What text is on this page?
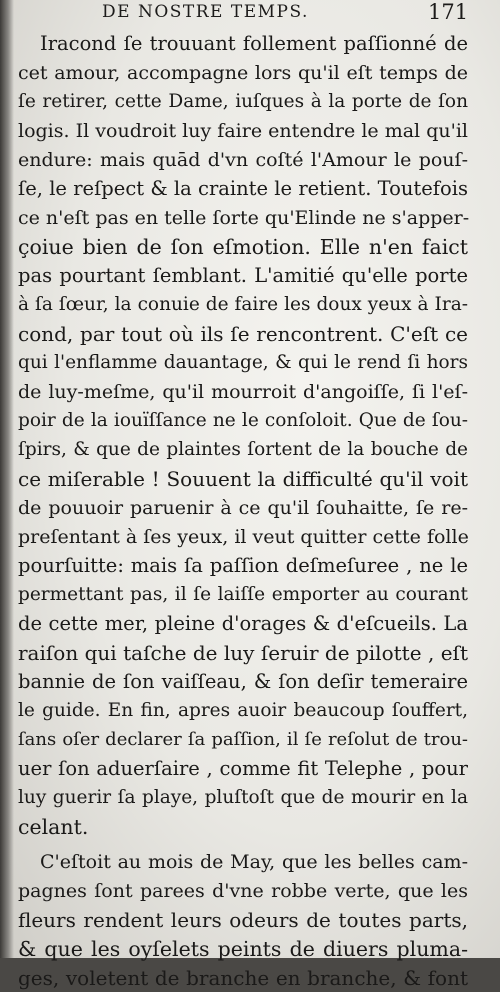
DE NOSTRE TEMPS.	171
Iracond ſe trouuant follement paſſionné de
cet amour, accompagne lors qu'il eſt temps de
ſe retirer, cette Dame, iuſques à la porte de ſon
logis. Il voudroit luy faire entendre le mal qu'il
endure: mais quād d'vn coſté l'Amour le pouſ-
ſe, le reſpect & la crainte le retient. Toutefois
ce n'eſt pas en telle ſorte qu'Elinde ne s'apper-
çoiue bien de ſon eſmotion. Elle n'en faict
pas pourtant ſemblant. L'amitié qu'elle porte
à ſa ſœur, la conuie de faire les doux yeux à Ira-
cond, par tout où ils ſe rencontrent. C'eſt ce
qui l'enflamme dauantage, & qui le rend ſi hors
de luy-meſme, qu'il mourroit d'angoiſſe, ſi l'eſ-
poir de la iouïſſance ne le conſoloit. Que de ſou-
ſpirs, & que de plaintes ſortent de la bouche de
ce miſerable ! Souuent la difficulté qu'il voit
de pouuoir paruenir à ce qu'il ſouhaitte, ſe re-
preſentant à ſes yeux, il veut quitter cette folle
pourſuitte: mais ſa paſſion deſmeſuree , ne le
permettant pas, il ſe laiſſe emporter au courant
de cette mer, pleine d'orages & d'eſcueils. La
raiſon qui taſche de luy ſeruir de pilotte , eſt
bannie de ſon vaiſſeau, & ſon deſir temeraire
le guide. En fin, apres auoir beaucoup ſouffert,
ſans oſer declarer ſa paſſion, il ſe reſolut de trou-
uer ſon aduerſaire , comme fit Telephe , pour
luy guerir ſa playe, pluſtoſt que de mourir en la
celant.
C'eſtoit au mois de May, que les belles cam-
pagnes ſont parees d'vne robbe verte, que les
fleurs rendent leurs odeurs de toutes parts,
& que les oyſelets peints de diuers pluma-
ges, voletent de branche en branche, & font
